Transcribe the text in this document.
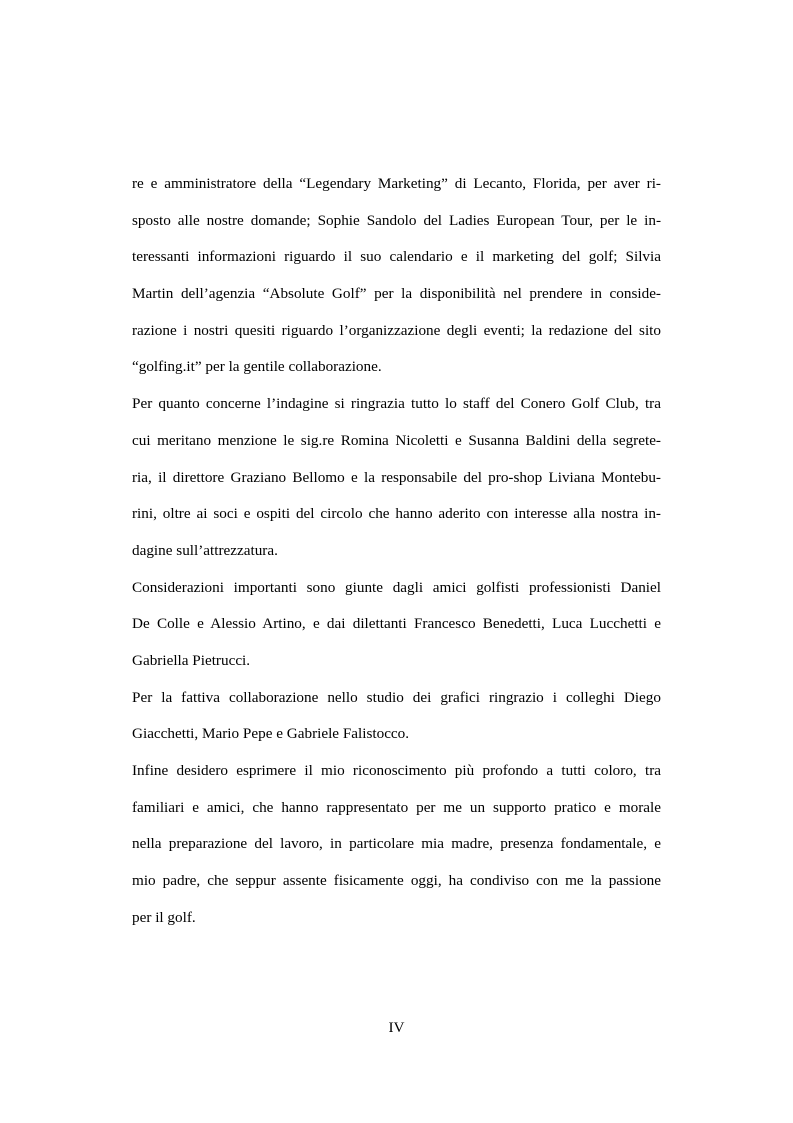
re e amministratore della “Legendary Marketing” di Lecanto, Florida, per aver ri-
sposto alle nostre domande; Sophie Sandolo del Ladies European Tour, per le in-
teressanti informazioni riguardo il suo calendario e il marketing del golf; Silvia
Martin dell’agenzia “Absolute Golf” per la disponibilità nel prendere in conside-
razione i nostri quesiti riguardo l’organizzazione degli eventi; la redazione del sito
“golfing.it” per la gentile collaborazione.
Per quanto concerne l’indagine si ringrazia tutto lo staff del Conero Golf Club, tra
cui meritano menzione le sig.re Romina Nicoletti e Susanna Baldini della segrete-
ria, il direttore Graziano Bellomo e la responsabile del pro-shop Liviana Montebu-
rini, oltre ai soci e ospiti del circolo che hanno aderito con interesse alla nostra in-
dagine sull’attrezzatura.
Considerazioni importanti sono giunte dagli amici golfisti professionisti Daniel
De Colle e Alessio Artino, e dai dilettanti Francesco Benedetti, Luca Lucchetti e
Gabriella Pietrucci.
Per la fattiva collaborazione nello studio dei grafici ringrazio i colleghi Diego
Giacchetti, Mario Pepe e Gabriele Falistocco.
Infine desidero esprimere il mio riconoscimento più profondo a tutti coloro, tra
familiari e amici, che hanno rappresentato per me un supporto pratico e morale
nella preparazione del lavoro, in particolare mia madre, presenza fondamentale, e
mio padre, che seppur assente fisicamente oggi, ha condiviso con me la passione
per il golf.
IV
